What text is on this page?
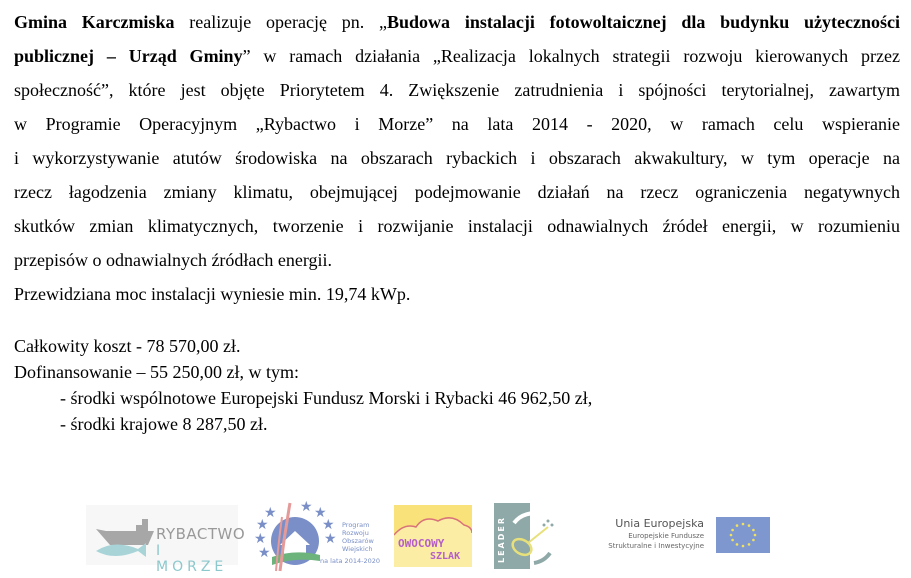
Gmina Karczmiska realizuje operację pn. „Budowa instalacji fotowoltaicznej dla budynku użyteczności
publicznej – Urząd Gminy” w ramach działania „Realizacja lokalnych strategii rozwoju kierowanych przez
społeczność”, które jest objęte Priorytetem 4. Zwiększenie zatrudnienia i spójności terytorialnej, zawartym
w Programie Operacyjnym „Rybactwo i Morze” na lata 2014 - 2020, w ramach celu wspieranie
i wykorzystywanie atutów środowiska na obszarach rybackich i obszarach akwakultury, w tym operacje na
rzecz łagodzenia zmiany klimatu, obejmującej podejmowanie działań na rzecz ograniczenia negatywnych
skutków zmian klimatycznych, tworzenie i rozwijanie instalacji odnawialnych źródeł energii, w rozumieniu
przepisów o odnawialnych źródłach energii.
Przewidziana moc instalacji wyniesie min. 19,74 kWp.
Całkowity koszt - 78 570,00 zł.
Dofinansowanie – 55 250,00 zł, w tym:
- środki wspólnotowe Europejski Fundusz Morski i Rybacki 46 962,50 zł,
- środki krajowe 8 287,50 zł.
RYBACTWO
I MORZE
★
★
★
★ ★ ★
★
★
Program
Rozwoju
Obszarów
Wiejskich
na lata 2014-2020
OWOCOWY
SZLAK	LEADER	Unia Europejska
Europejskie Fundusze
Strukturalne i Inwestycyjne
